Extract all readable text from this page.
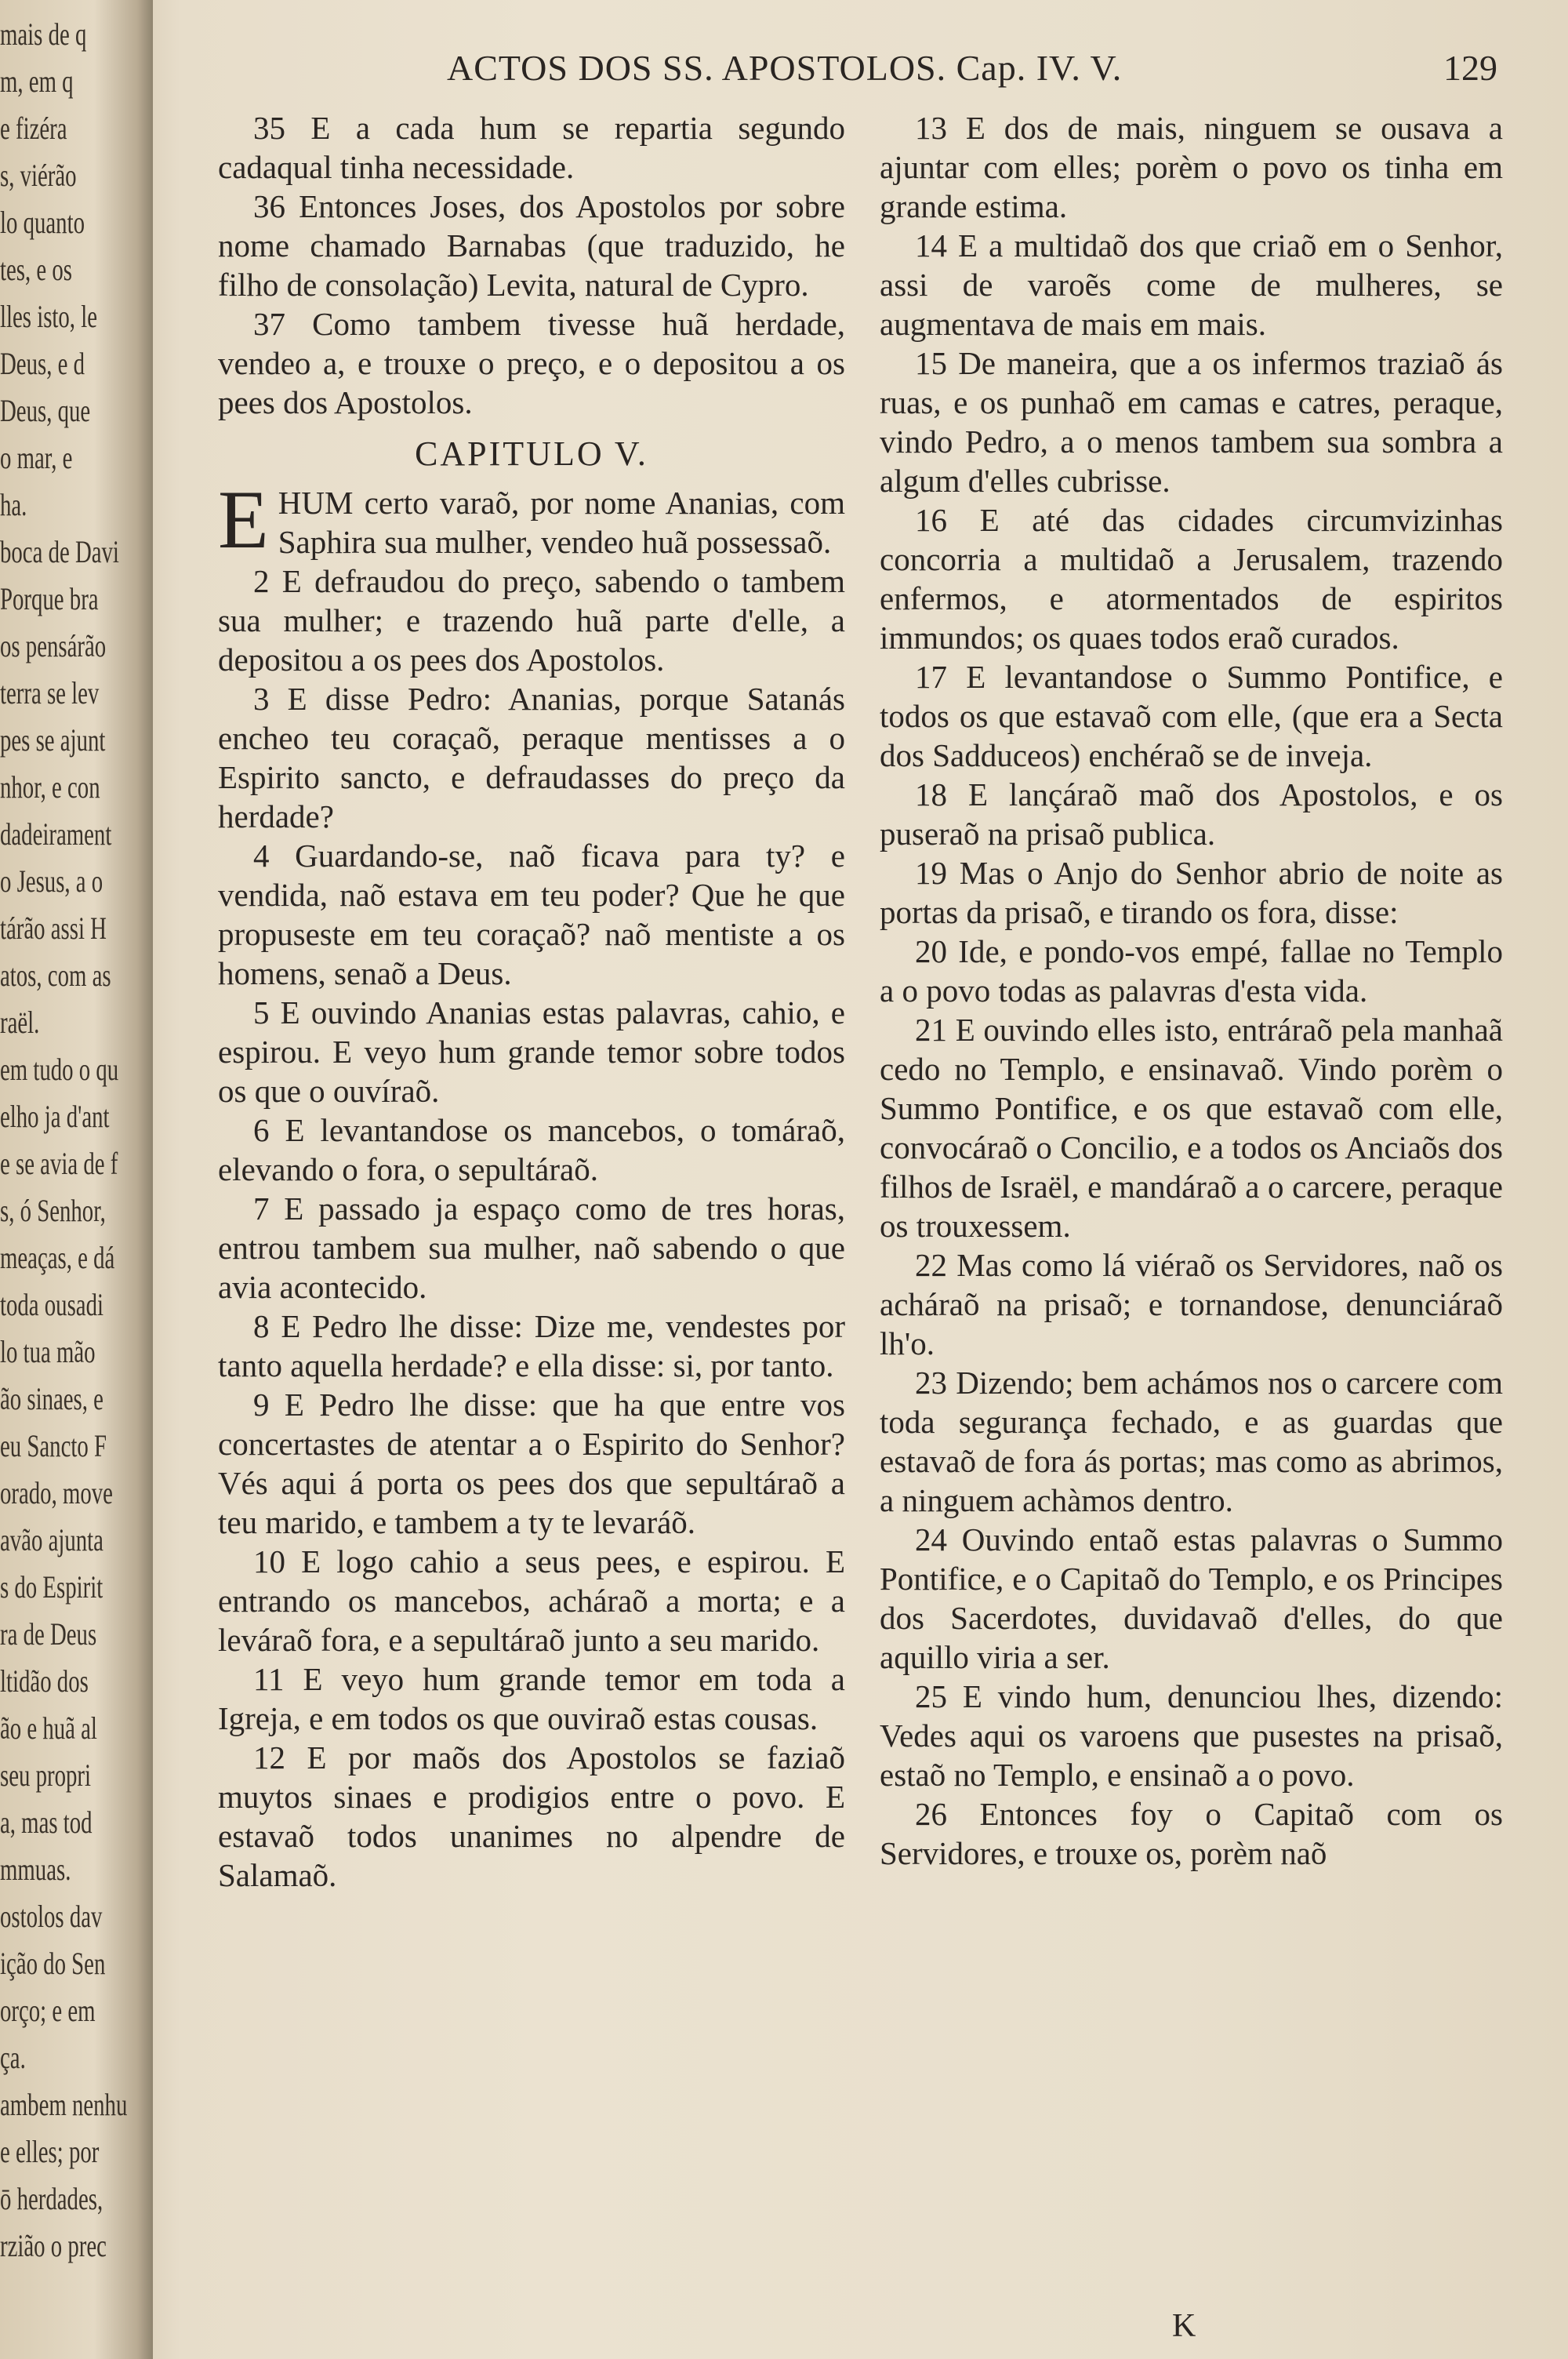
mais de q
m, em q
e fizéra
s, viérão
lo quanto
tes, e os
lles isto, le
Deus, e d
Deus, que
o mar, e
ha.
boca de Davi
Porque bra
os pensárão
terra se lev
pes se ajunt
nhor, e con
dadeirament
o Jesus, a o
tárão assi H
atos, com as
raël.
em tudo o qu
elho ja d'ant
e se avia de f
s, ó Senhor,
meaças, e dá
toda ousadi
lo tua mão
ão sinaes, e
eu Sancto F
orado, move
avão ajunta
s do Espirit
ra de Deus
ltidão dos
ão e huã al
seu propri
a, mas tod
mmuas.
ostolos dav
ição do Sen
orço; e em
ça.
ambem nenhu
e elles; por
ō herdades,
rzião o prec
ACTOS DOS SS. APOSTOLOS. Cap. IV. V.	129

35 E a cada hum se repartia segundo cadaqual tinha necessidade.

36 Entonces Joses, dos Apostolos por sobre nome chamado Barnabas (que traduzido, he filho de consolação) Levita, natural de Cypro.

37 Como tambem tivesse huã herdade, vendeo a, e trouxe o preço, e o depositou a os pees dos Apostolos.

CAPITULO V.

EHUM certo varaõ, por nome Ananias, com Saphira sua mulher, vendeo huã possessaõ.

2 E defraudou do preço, sabendo o tambem sua mulher; e trazendo huã parte d'elle, a depositou a os pees dos Apostolos.

3 E disse Pedro: Ananias, porque Satanás encheo teu coraçaõ, peraque mentisses a o Espirito sancto, e defraudasses do preço da herdade?

4 Guardando-se, naõ ficava para ty? e vendida, naõ estava em teu poder? Que he que propuseste em teu coraçaõ? naõ mentiste a os homens, senaõ a Deus.

5 E ouvindo Ananias estas palavras, cahio, e espirou. E veyo hum grande temor sobre todos os que o ouvíraõ.

6 E levantandose os mancebos, o tomáraõ, elevando o fora, o sepultáraõ.

7 E passado ja espaço como de tres horas, entrou tambem sua mulher, naõ sabendo o que avia acontecido.

8 E Pedro lhe disse: Dize me, vendestes por tanto aquella herdade? e ella disse: si, por tanto.

9 E Pedro lhe disse: que ha que entre vos concertastes de atentar a o Espirito do Senhor? Vés aqui á porta os pees dos que sepultáraõ a teu marido, e tambem a ty te levaráõ.

10 E logo cahio a seus pees, e espirou. E entrando os mancebos, acháraõ a morta; e a leváraõ fora, e a sepultáraõ junto a seu marido.

11 E veyo hum grande temor em toda a Igreja, e em todos os que ouviraõ estas cousas.

12 E por maõs dos Apostolos se faziaõ muytos sinaes e prodigios entre o povo. E estavaõ todos unanimes no alpendre de Salamaõ.

13 E dos de mais, ninguem se ousava a ajuntar com elles; porèm o povo os tinha em grande estima.

14 E a multidaõ dos que criaõ em o Senhor, assi de varoẽs come de mulheres, se augmentava de mais em mais.

15 De maneira, que a os infermos traziaõ ás ruas, e os punhaõ em camas e catres, peraque, vindo Pedro, a o menos tambem sua sombra a algum d'elles cubrisse.

16 E até das cidades circumvizinhas concorria a multidaõ a Jerusalem, trazendo enfermos, e atormentados de espiritos immundos; os quaes todos eraõ curados.

17 E levantandose o Summo Pontifice, e todos os que estavaõ com elle, (que era a Secta dos Sadduceos) enchéraõ se de inveja.

18 E lançáraõ maõ dos Apostolos, e os puseraõ na prisaõ publica.

19 Mas o Anjo do Senhor abrio de noite as portas da prisaõ, e tirando os fora, disse:

20 Ide, e pondo-vos empé, fallae no Templo a o povo todas as palavras d'esta vida.

21 E ouvindo elles isto, entráraõ pela manhaã cedo no Templo, e ensinavaõ. Vindo porèm o Summo Pontifice, e os que estavaõ com elle, convocáraõ o Concilio, e a todos os Anciaõs dos filhos de Israël, e mandáraõ a o carcere, peraque os trouxessem.

22 Mas como lá viéraõ os Servidores, naõ os acháraõ na prisaõ; e tornandose, denunciáraõ lh'o.

23 Dizendo; bem achámos nos o carcere com toda segurança fechado, e as guardas que estavaõ de fora ás portas; mas como as abrimos, a ninguem achàmos dentro.

24 Ouvindo entaõ estas palavras o Summo Pontifice, e o Capitaõ do Templo, e os Principes dos Sacerdotes, duvidavaõ d'elles, do que aquillo viria a ser.

25 E vindo hum, denunciou lhes, dizendo: Vedes aqui os varoens que pusestes na prisaõ, estaõ no Templo, e ensinaõ a o povo.

26 Entonces foy o Capitaõ com os Servidores, e trouxe os, porèm naõ

K
